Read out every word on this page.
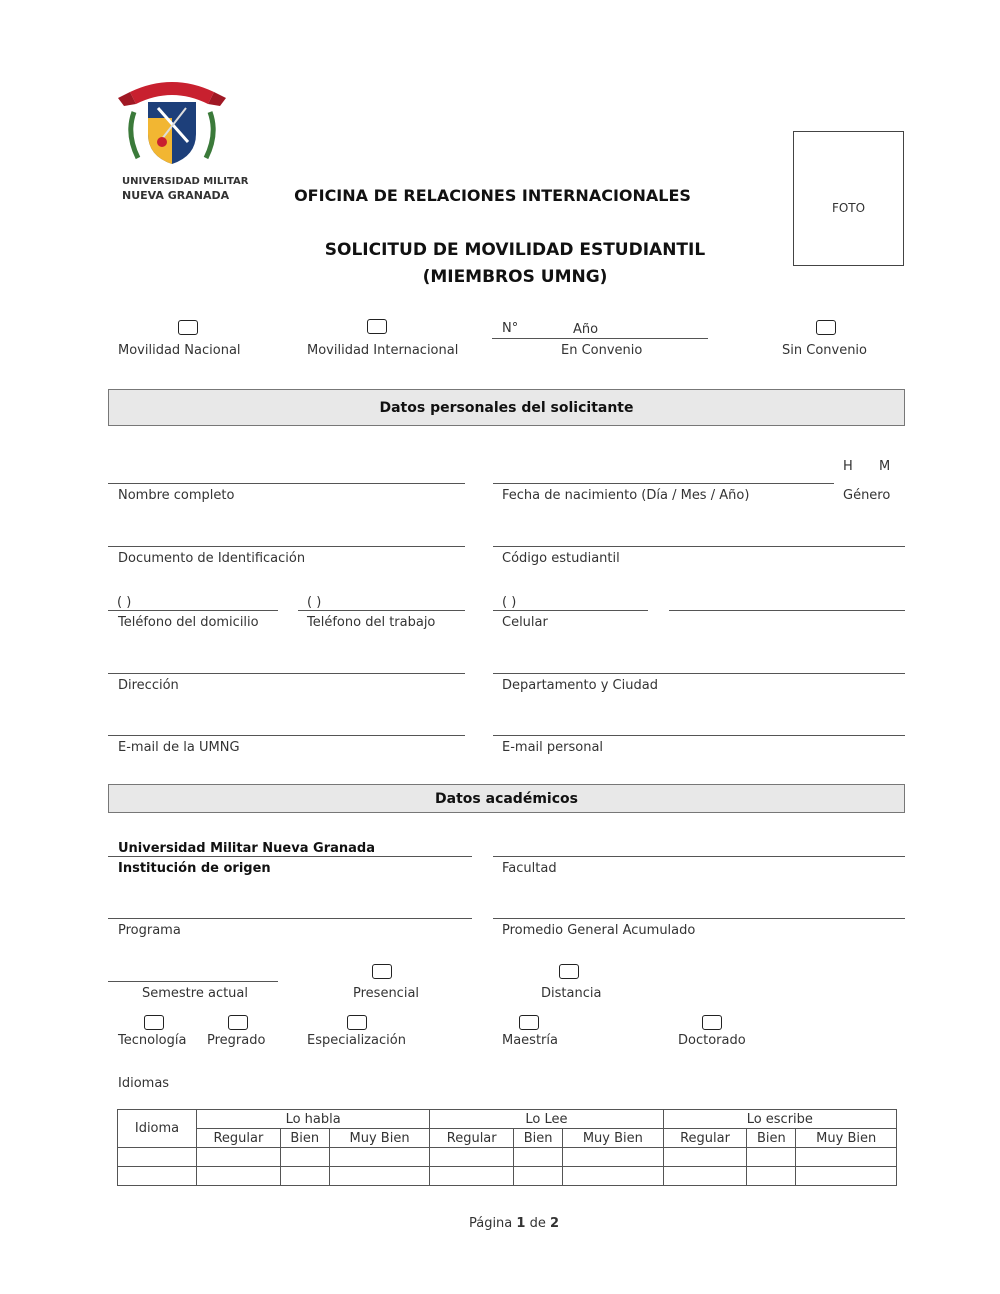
UNIVERSIDAD MILITAR
NUEVA GRANADA	OFICINA DE RELACIONES INTERNACIONALES
SOLICITUD DE MOVILIDAD ESTUDIANTIL
(MIEMBROS UMNG)
FOTO
Movilidad Nacional	Movilidad Internacional
N°	Año
En Convenio	Sin Convenio
Datos personales del solicitante
H M
Nombre completo	Fecha de nacimiento (Día / Mes / Año)	Género
Documento de Identificación	Código estudiantil
( )
Teléfono del domicilio
( )
Teléfono del trabajo
( )
Celular
Dirección	Departamento y Ciudad
E-mail de la UMNG	E-mail personal
Datos académicos
Universidad Militar Nueva Granada
Institución de origen	Facultad
Programa	Promedio General Acumulado
Semestre actual	Presencial	Distancia
Tecnología Pregrado	Especialización	Maestría	Doctorado
Idiomas
Idioma	Lo habla			Lo Lee			Lo escribe		
	Regular	Bien	Muy Bien	Regular	Bien	Muy Bien	Regular	Bien	Muy Bien

Página 1 de 2
